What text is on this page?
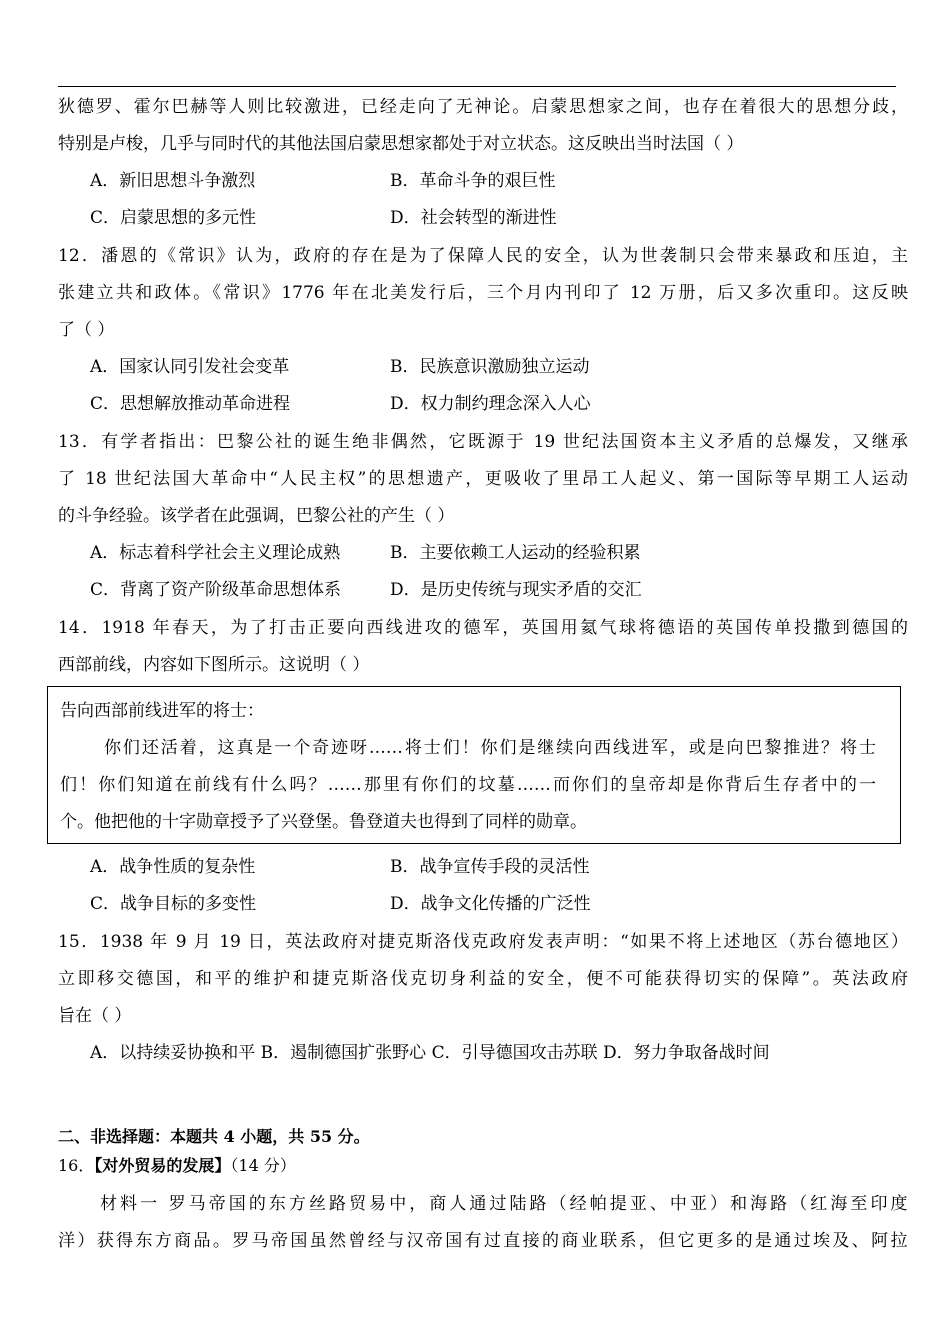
狄德罗、霍尔巴赫等人则比较激进，已经走向了无神论。启蒙思想家之间，也存在着很大的思想分歧，
特别是卢梭，几乎与同时代的其他法国启蒙思想家都处于对立状态。这反映出当时法国（ ）
A．新旧思想斗争激烈	B．革命斗争的艰巨性
C．启蒙思想的多元性	D．社会转型的渐进性
12．潘恩的《常识》认为，政府的存在是为了保障人民的安全，认为世袭制只会带来暴政和压迫，主
张建立共和政体。《常识》1776 年在北美发行后，三个月内刊印了 12 万册，后又多次重印。这反映
了（ ）
A．国家认同引发社会变革	B．民族意识激励独立运动
C．思想解放推动革命进程	D．权力制约理念深入人心
13．有学者指出：巴黎公社的诞生绝非偶然，它既源于 19 世纪法国资本主义矛盾的总爆发，又继承
了 18 世纪法国大革命中“人民主权”的思想遗产，更吸收了里昂工人起义、第一国际等早期工人运动
的斗争经验。该学者在此强调，巴黎公社的产生（ ）
A．标志着科学社会主义理论成熟	B．主要依赖工人运动的经验积累
C．背离了资产阶级革命思想体系	D．是历史传统与现实矛盾的交汇
14．1918 年春天，为了打击正要向西线进攻的德军，英国用氦气球将德语的英国传单投撒到德国的
西部前线，内容如下图所示。这说明（ ）
告向西部前线进军的将士：
你们还活着，这真是一个奇迹呀……将士们！你们是继续向西线进军，或是向巴黎推进？将士
们！你们知道在前线有什么吗？……那里有你们的坟墓……而你们的皇帝却是你背后生存者中的一
个。他把他的十字勋章授予了兴登堡。鲁登道夫也得到了同样的勋章。
A．战争性质的复杂性	B．战争宣传手段的灵活性
C．战争目标的多变性	D．战争文化传播的广泛性
15．1938 年 9 月 19 日，英法政府对捷克斯洛伐克政府发表声明：“如果不将上述地区（苏台德地区）
立即移交德国，和平的维护和捷克斯洛伐克切身利益的安全，便不可能获得切实的保障”。英法政府
旨在（ ）
A．以持续妥协换和平 B．遏制德国扩张野心 C．引导德国攻击苏联 D．努力争取备战时间
二、非选择题：本题共 4 小题，共 55 分。
16．【对外贸易的发展】（14 分）
材料一 罗马帝国的东方丝路贸易中，商人通过陆路（经帕提亚、中亚）和海路（红海至印度
洋）获得东方商品。罗马帝国虽然曾经与汉帝国有过直接的商业联系，但它更多的是通过埃及、阿拉
